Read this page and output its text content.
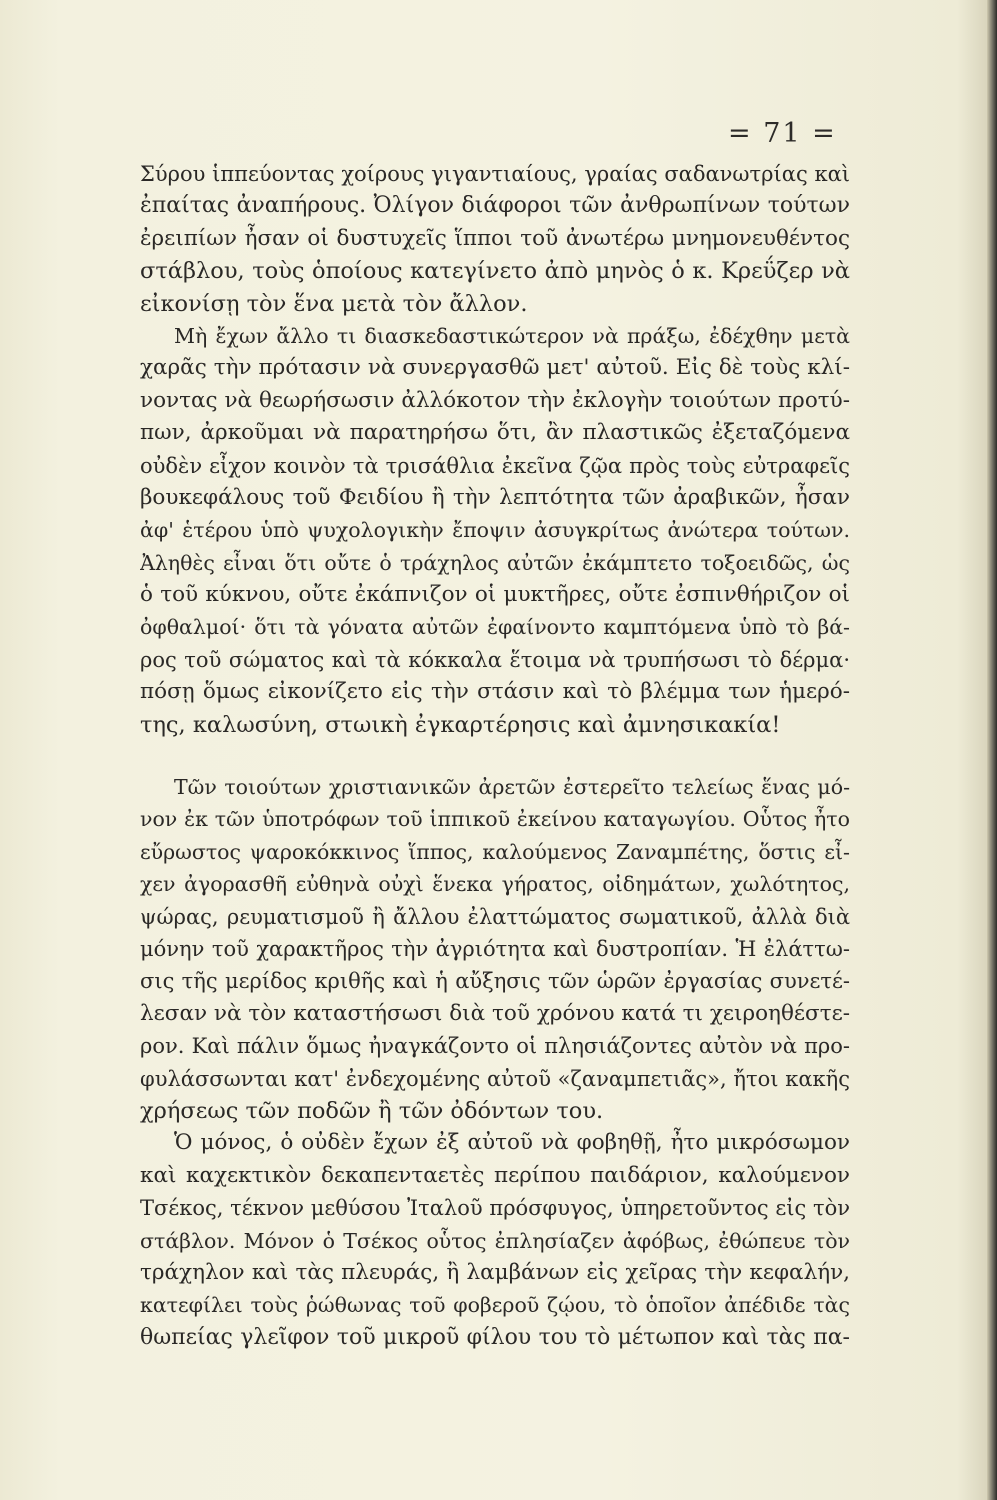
= 71 =
Σύρου ἱππεύοντας χοίρους γιγαντιαίους, γραίας σαδανωτρίας καὶ
ἐπαίτας ἀναπήρους. Ὀλίγον διάφοροι τῶν ἀνθρωπίνων τούτων
ἐρειπίων ἦσαν οἱ δυστυχεῖς ἵπποι τοῦ ἀνωτέρω μνημονευθέντος
στάβλου, τοὺς ὁποίους κατεγίνετο ἀπὸ μηνὸς ὁ κ. Κρεΰζερ νὰ
εἰκονίσῃ τὸν ἕνα μετὰ τὸν ἄλλον.
Μὴ ἔχων ἄλλο τι διασκεδαστικώτερον νὰ πράξω, ἐδέχθην μετὰ
χαρᾶς τὴν πρότασιν νὰ συνεργασθῶ μετ' αὐτοῦ. Εἰς δὲ τοὺς κλί-
νοντας νὰ θεωρήσωσιν ἀλλόκοτον τὴν ἐκλογὴν τοιούτων προτύ-
πων, ἀρκοῦμαι νὰ παρατηρήσω ὅτι, ἂν πλαστικῶς ἐξεταζόμενα
οὐδὲν εἶχον κοινὸν τὰ τρισάθλια ἐκεῖνα ζῷα πρὸς τοὺς εὐτραφεῖς
βουκεφάλους τοῦ Φειδίου ἢ τὴν λεπτότητα τῶν ἀραβικῶν, ἦσαν
ἀφ' ἑτέρου ὑπὸ ψυχολογικὴν ἔποψιν ἀσυγκρίτως ἀνώτερα τούτων.
Ἀληθὲς εἶναι ὅτι οὔτε ὁ τράχηλος αὐτῶν ἐκάμπτετο τοξοειδῶς, ὡς
ὁ τοῦ κύκνου, οὔτε ἐκάπνιζον οἱ μυκτῆρες, οὔτε ἐσπινθήριζον οἱ
ὀφθαλμοί· ὅτι τὰ γόνατα αὐτῶν ἐφαίνοντο καμπτόμενα ὑπὸ τὸ βά-
ρος τοῦ σώματος καὶ τὰ κόκκαλα ἕτοιμα νὰ τρυπήσωσι τὸ δέρμα·
πόσῃ ὅμως εἰκονίζετο εἰς τὴν στάσιν καὶ τὸ βλέμμα των ἡμερό-
της, καλωσύνη, στωικὴ ἐγκαρτέρησις καὶ ἀμνησικακία!
Τῶν τοιούτων χριστιανικῶν ἀρετῶν ἐστερεῖτο τελείως ἕνας μό-
νον ἐκ τῶν ὑποτρόφων τοῦ ἱππικοῦ ἐκείνου καταγωγίου. Οὗτος ἦτο
εὔρωστος ψαροκόκκινος ἵππος, καλούμενος Ζαναμπέτης, ὅστις εἶ-
χεν ἀγορασθῆ εὐθηνὰ οὐχὶ ἕνεκα γήρατος, οἰδημάτων, χωλότητος,
ψώρας, ρευματισμοῦ ἢ ἄλλου ἐλαττώματος σωματικοῦ, ἀλλὰ διὰ
μόνην τοῦ χαρακτῆρος τὴν ἀγριότητα καὶ δυστροπίαν. Ἡ ἐλάττω-
σις τῆς μερίδος κριθῆς καὶ ἡ αὔξησις τῶν ὡρῶν ἐργασίας συνετέ-
λεσαν νὰ τὸν καταστήσωσι διὰ τοῦ χρόνου κατά τι χειροηθέστε-
ρον. Καὶ πάλιν ὅμως ἠναγκάζοντο οἱ πλησιάζοντες αὐτὸν νὰ προ-
φυλάσσωνται κατ' ἐνδεχομένης αὐτοῦ «ζαναμπετιᾶς», ἤτοι κακῆς
χρήσεως τῶν ποδῶν ἢ τῶν ὀδόντων του.
Ὁ μόνος, ὁ οὐδὲν ἔχων ἐξ αὐτοῦ νὰ φοβηθῇ, ἦτο μικρόσωμον
καὶ καχεκτικὸν δεκαπενταετὲς περίπου παιδάριον, καλούμενον
Τσέκος, τέκνον μεθύσου Ἰταλοῦ πρόσφυγος, ὑπηρετοῦντος εἰς τὸν
στάβλον. Μόνον ὁ Τσέκος οὗτος ἐπλησίαζεν ἀφόβως, ἐθώπευε τὸν
τράχηλον καὶ τὰς πλευράς, ἢ λαμβάνων εἰς χεῖρας τὴν κεφαλήν,
κατεφίλει τοὺς ῥώθωνας τοῦ φοβεροῦ ζῴου, τὸ ὁποῖον ἀπέδιδε τὰς
θωπείας γλεῖφον τοῦ μικροῦ φίλου του τὸ μέτωπον καὶ τὰς πα-
